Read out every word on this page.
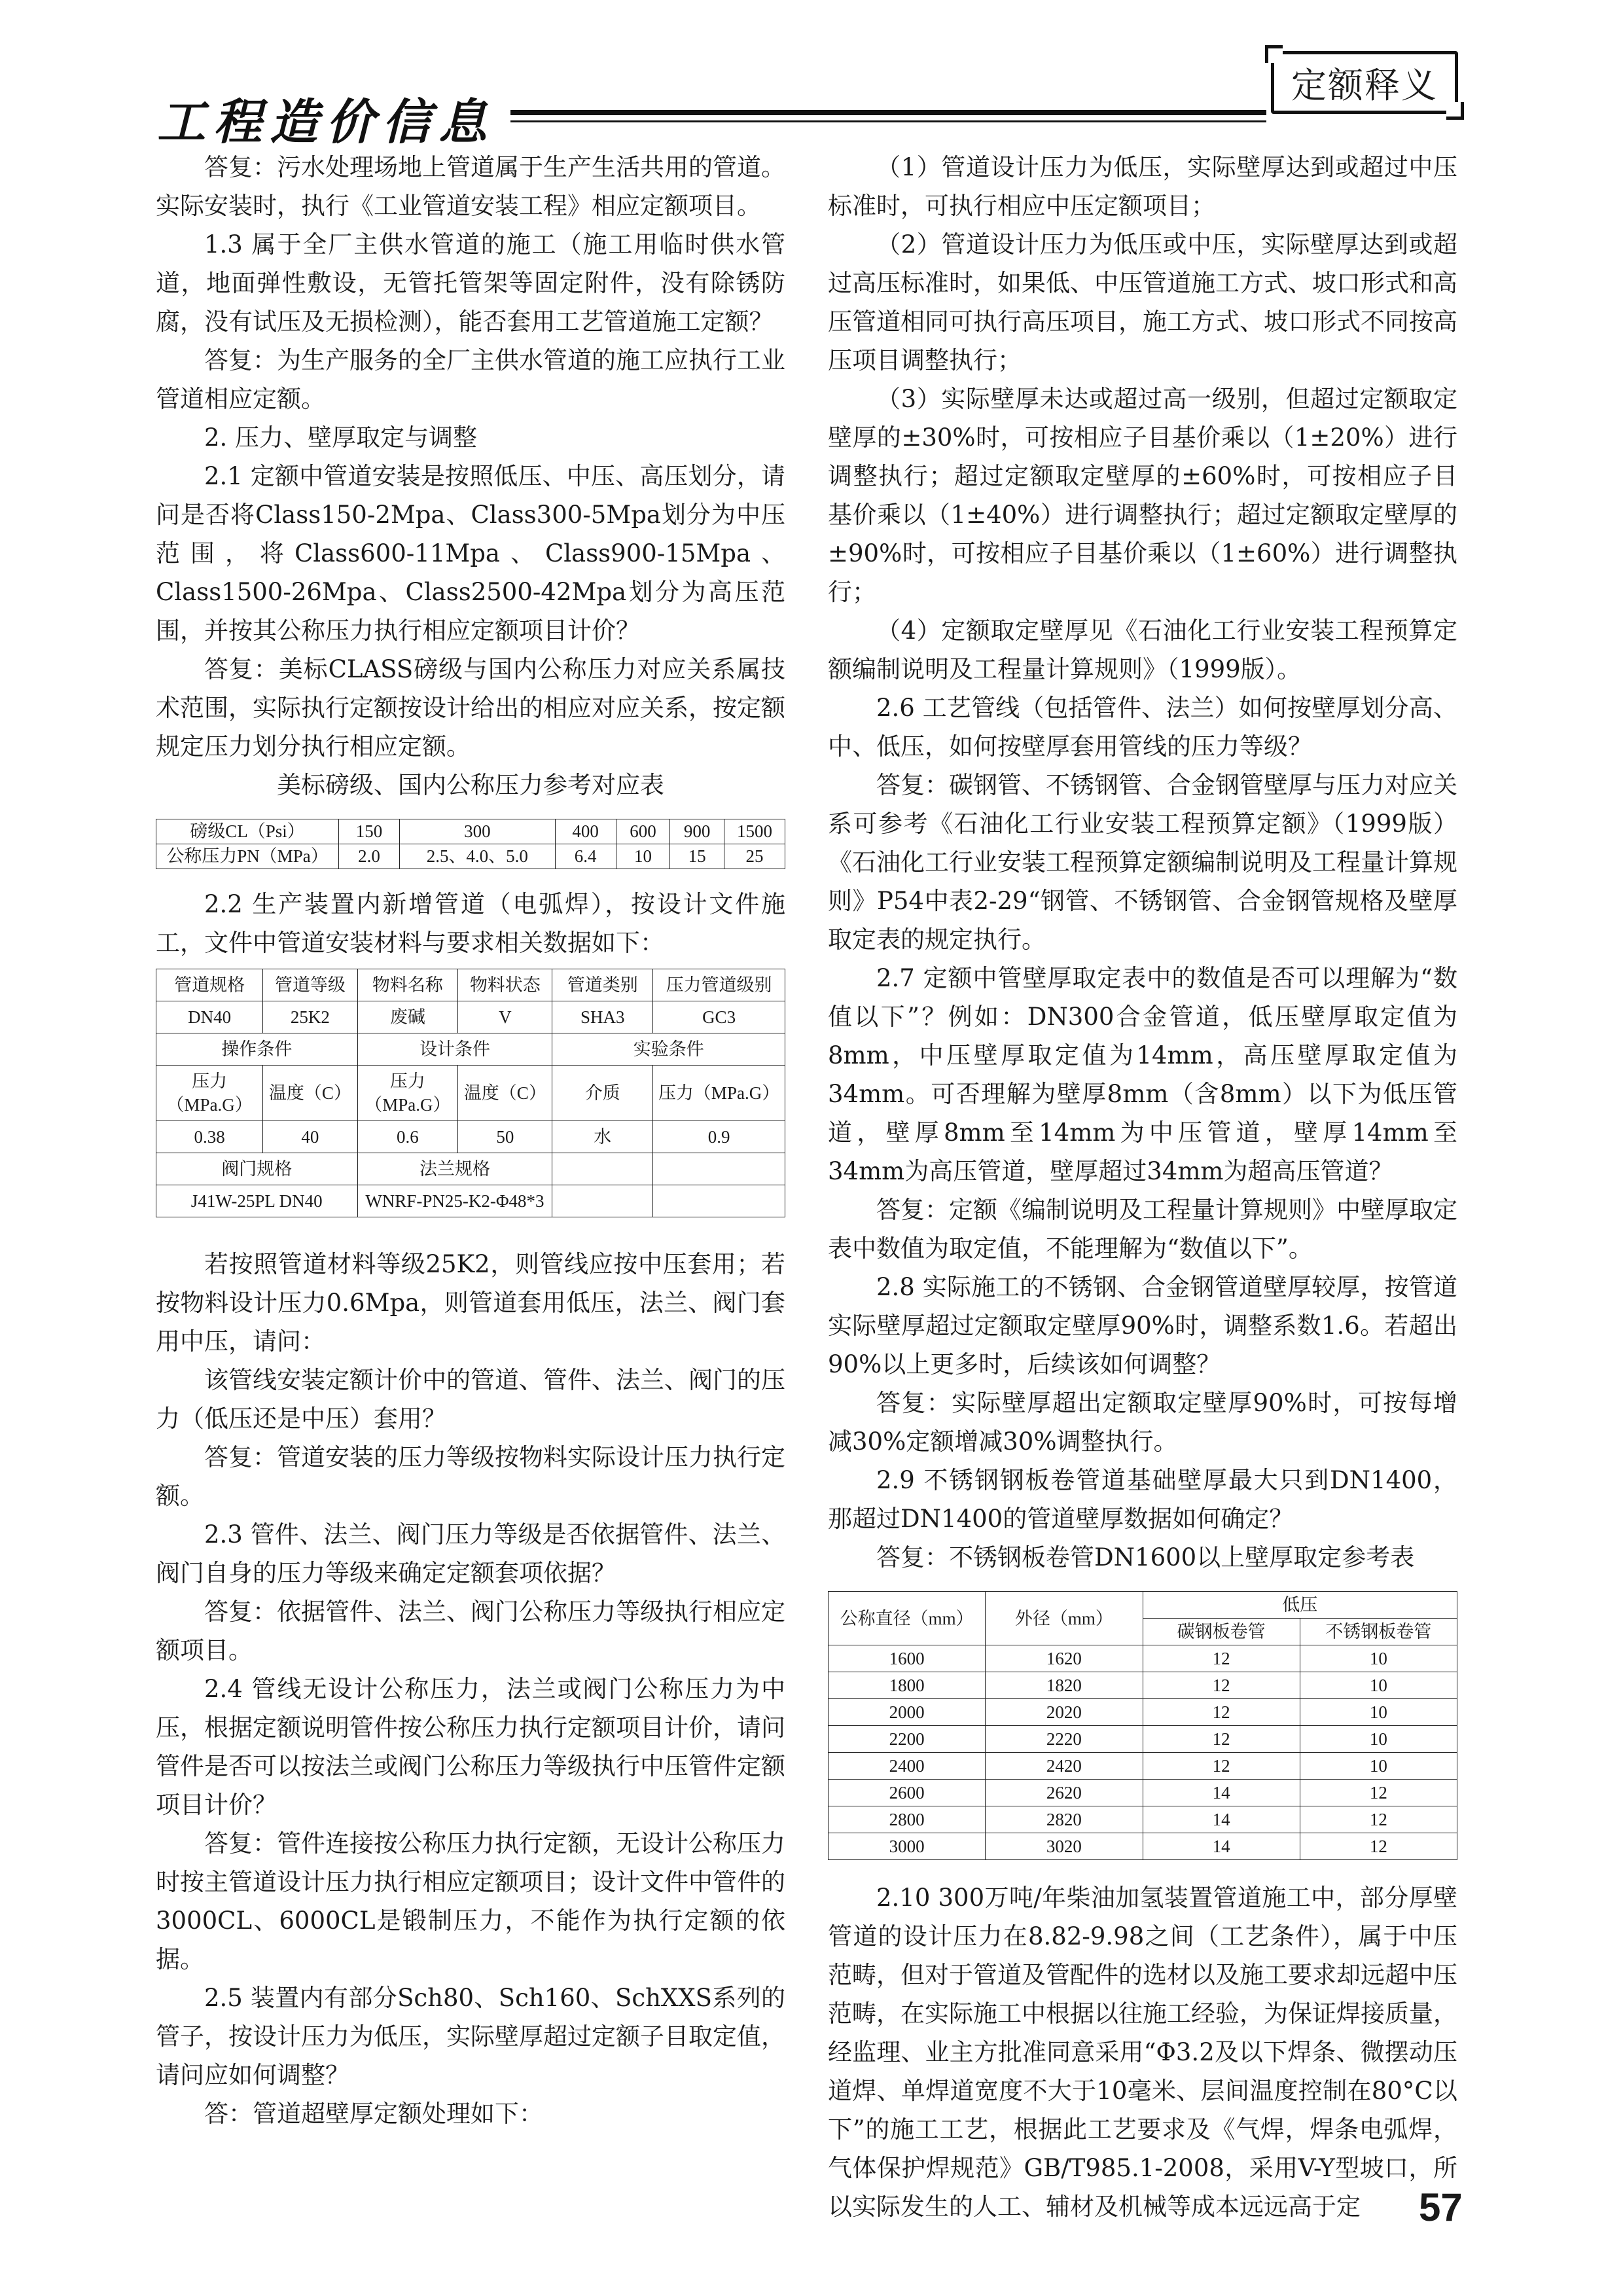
工程造价信息
定额释义

答复：污水处理场地上管道属于生产生活共用的管道。实际安装时，执行《工业管道安装工程》相应定额项目。

1.3 属于全厂主供水管道的施工（施工用临时供水管道，地面弹性敷设，无管托管架等固定附件，没有除锈防腐，没有试压及无损检测），能否套用工艺管道施工定额？

答复：为生产服务的全厂主供水管道的施工应执行工业管道相应定额。

2. 压力、壁厚取定与调整

2.1 定额中管道安装是按照低压、中压、高压划分，请问是否将Class150-2Mpa、Class300-5Mpa划分为中压范围，将Class600-11Mpa、Class900-15Mpa、Class1500-26Mpa、Class2500-42Mpa划分为高压范围，并按其公称压力执行相应定额项目计价？

答复：美标CLASS磅级与国内公称压力对应关系属技术范围，实际执行定额按设计给出的相应对应关系，按定额规定压力划分执行相应定额。

美标磅级、国内公称压力参考对应表

磅级CL（Psi）	150	300	400	600	900	1500
公称压力PN（MPa）	2.0	2.5、4.0、5.0	6.4	10	15	25

2.2 生产装置内新增管道（电弧焊），按设计文件施工，文件中管道安装材料与要求相关数据如下：

管道规格	管道等级	物料名称	物料状态	管道类别	压力管道级别
DN40	25K2	废碱	V	SHA3	GC3
操作条件		设计条件		实验条件	
压力（MPa.G）	温度（C）	压力（MPa.G）	温度（C）	介质	压力（MPa.G）
0.38	40	0.6	50	水	0.9
阀门规格		法兰规格			
J41W-25PL DN40		WNRF-PN25-K2-Φ48*3			

若按照管道材料等级25K2，则管线应按中压套用；若按物料设计压力0.6Mpa，则管道套用低压，法兰、阀门套用中压，请问：

该管线安装定额计价中的管道、管件、法兰、阀门的压力（低压还是中压）套用？

答复：管道安装的压力等级按物料实际设计压力执行定额。

2.3 管件、法兰、阀门压力等级是否依据管件、法兰、阀门自身的压力等级来确定定额套项依据？

答复：依据管件、法兰、阀门公称压力等级执行相应定额项目。

2.4 管线无设计公称压力，法兰或阀门公称压力为中压，根据定额说明管件按公称压力执行定额项目计价，请问管件是否可以按法兰或阀门公称压力等级执行中压管件定额项目计价？

答复：管件连接按公称压力执行定额，无设计公称压力时按主管道设计压力执行相应定额项目；设计文件中管件的3000CL、6000CL是锻制压力，不能作为执行定额的依据。

2.5 装置内有部分Sch80、Sch160、SchXXS系列的管子，按设计压力为低压，实际壁厚超过定额子目取定值，请问应如何调整？

答：管道超壁厚定额处理如下：

（1）管道设计压力为低压，实际壁厚达到或超过中压标准时，可执行相应中压定额项目；

（2）管道设计压力为低压或中压，实际壁厚达到或超过高压标准时，如果低、中压管道施工方式、坡口形式和高压管道相同可执行高压项目，施工方式、坡口形式不同按高压项目调整执行；

（3）实际壁厚未达或超过高一级别，但超过定额取定壁厚的±30%时，可按相应子目基价乘以（1±20%）进行调整执行；超过定额取定壁厚的±60%时，可按相应子目基价乘以（1±40%）进行调整执行；超过定额取定壁厚的±90%时，可按相应子目基价乘以（1±60%）进行调整执行；

（4）定额取定壁厚见《石油化工行业安装工程预算定额编制说明及工程量计算规则》（1999版）。

2.6 工艺管线（包括管件、法兰）如何按壁厚划分高、中、低压，如何按壁厚套用管线的压力等级？

答复：碳钢管、不锈钢管、合金钢管壁厚与压力对应关系可参考《石油化工行业安装工程预算定额》（1999版）《石油化工行业安装工程预算定额编制说明及工程量计算规则》P54中表2-29“钢管、不锈钢管、合金钢管规格及壁厚取定表的规定执行。

2.7 定额中管壁厚取定表中的数值是否可以理解为“数值以下”？例如：DN300合金管道，低压壁厚取定值为8mm，中压壁厚取定值为14mm，高压壁厚取定值为34mm。可否理解为壁厚8mm（含8mm）以下为低压管道，壁厚8mm至14mm为中压管道，壁厚14mm至34mm为高压管道，壁厚超过34mm为超高压管道？

答复：定额《编制说明及工程量计算规则》中壁厚取定表中数值为取定值，不能理解为“数值以下”。

2.8 实际施工的不锈钢、合金钢管道壁厚较厚，按管道实际壁厚超过定额取定壁厚90%时，调整系数1.6。若超出90%以上更多时，后续该如何调整？

答复：实际壁厚超出定额取定壁厚90%时，可按每增减30%定额增减30%调整执行。

2.9 不锈钢钢板卷管道基础壁厚最大只到DN1400，那超过DN1400的管道壁厚数据如何确定？

答复：不锈钢板卷管DN1600以上壁厚取定参考表

公称直径（mm）	外径（mm）	低压	
		碳钢板卷管	不锈钢板卷管
1600	1620	12	10
1800	1820	12	10
2000	2020	12	10
2200	2220	12	10
2400	2420	12	10
2600	2620	14	12
2800	2820	14	12
3000	3020	14	12

2.10 300万吨/年柴油加氢装置管道施工中，部分厚壁管道的设计压力在8.82-9.98之间（工艺条件），属于中压范畴，但对于管道及管配件的选材以及施工要求却远超中压范畴，在实际施工中根据以往施工经验，为保证焊接质量，经监理、业主方批准同意采用“Φ3.2及以下焊条、微摆动压道焊、单焊道宽度不大于10毫米、层间温度控制在80°C以下”的施工工艺，根据此工艺要求及《气焊，焊条电弧焊，气体保护焊规范》GB/T985.1-2008，采用V-Y型坡口，所以实际发生的人工、辅材及机械等成本远远高于定	57
